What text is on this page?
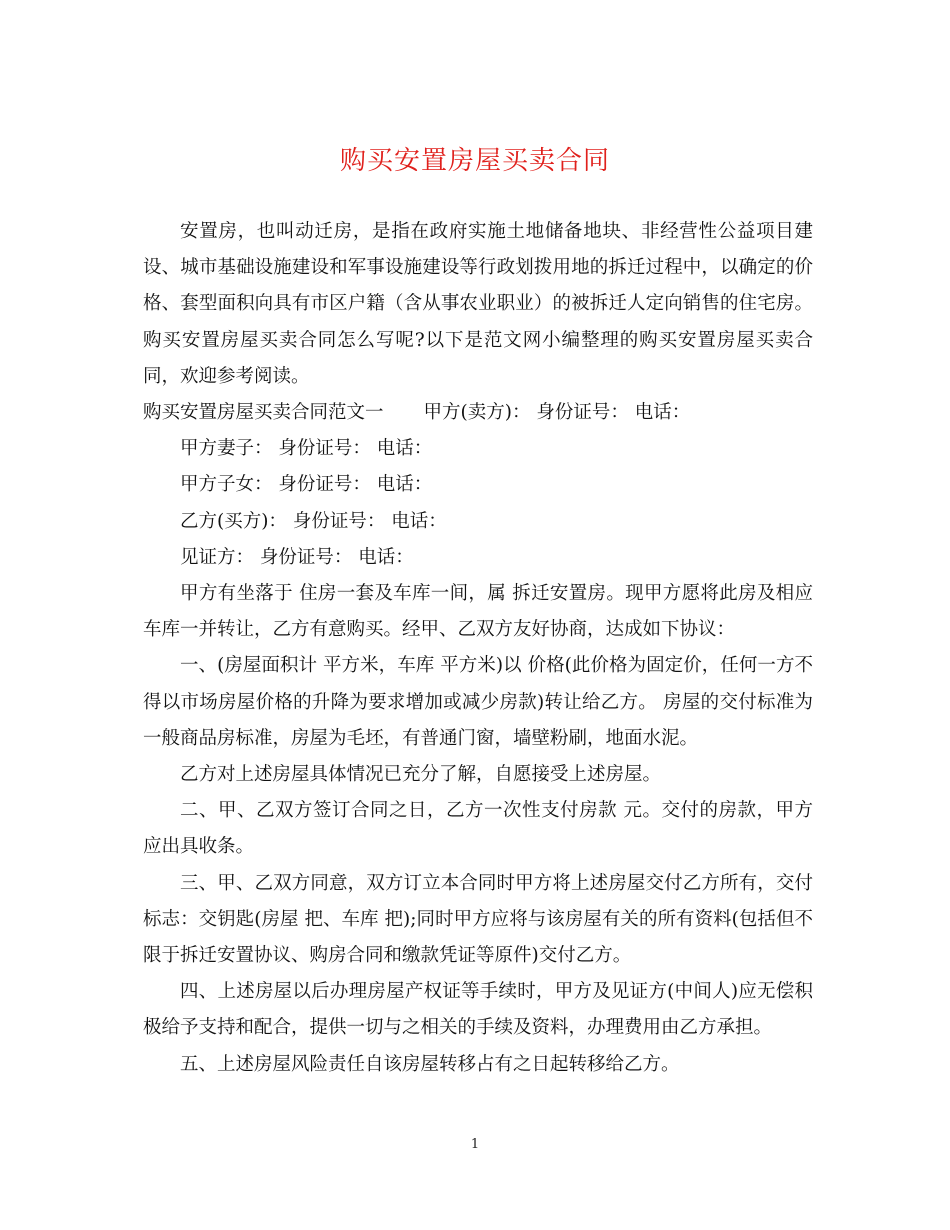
购买安置房屋买卖合同

安置房，也叫动迁房，是指在政府实施土地储备地块、非经营性公益项目建设、城市基础设施建设和军事设施建设等行政划拨用地的拆迁过程中，以确定的价格、套型面积向具有市区户籍（含从事农业职业）的被拆迁人定向销售的住宅房。购买安置房屋买卖合同怎么写呢?以下是范文网小编整理的购买安置房屋买卖合同，欢迎参考阅读。

购买安置房屋买卖合同范文一 甲方(卖方)： 身份证号： 电话：

甲方妻子： 身份证号： 电话：

甲方子女： 身份证号： 电话：

乙方(买方)： 身份证号： 电话：

见证方： 身份证号： 电话：

甲方有坐落于 住房一套及车库一间，属 拆迁安置房。现甲方愿将此房及相应车库一并转让，乙方有意购买。经甲、乙双方友好协商，达成如下协议：

一、(房屋面积计 平方米，车库 平方米)以 价格(此价格为固定价，任何一方不得以市场房屋价格的升降为要求增加或减少房款)转让给乙方。 房屋的交付标准为一般商品房标准，房屋为毛坯，有普通门窗，墙壁粉刷，地面水泥。

乙方对上述房屋具体情况已充分了解，自愿接受上述房屋。

二、甲、乙双方签订合同之日，乙方一次性支付房款 元。交付的房款，甲方应出具收条。

三、甲、乙双方同意，双方订立本合同时甲方将上述房屋交付乙方所有，交付标志：交钥匙(房屋 把、车库 把);同时甲方应将与该房屋有关的所有资料(包括但不限于拆迁安置协议、购房合同和缴款凭证等原件)交付乙方。

四、上述房屋以后办理房屋产权证等手续时，甲方及见证方(中间人)应无偿积极给予支持和配合，提供一切与之相关的手续及资料，办理费用由乙方承担。

五、上述房屋风险责任自该房屋转移占有之日起转移给乙方。

1
